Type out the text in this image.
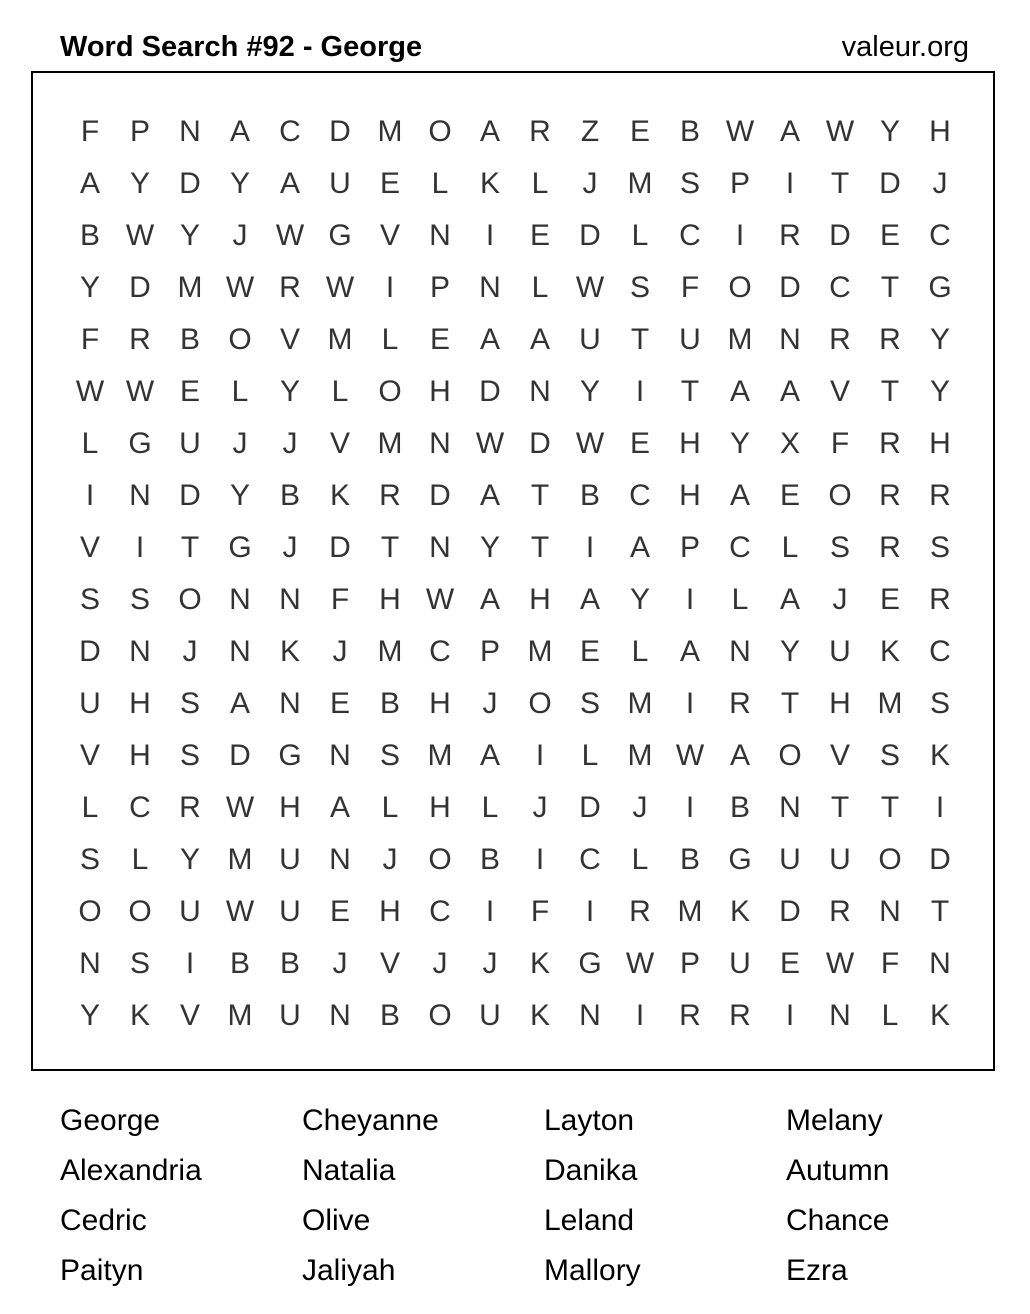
Word Search #92 - George	valeur.org
F	P N A C D M O A R	Z	E B W A W Y H
A Y D Y A U E	L	K	L	J	M S P	I	T	D	J
B W Y	J W G V N	I	E D	L	C	I	R D E C
Y D M W R W	I	P N	L W S	F O D C	T G
F	R B O V M L	E A A U	T	U M N R R Y
W W E	L	Y	L O H D N Y	I	T	A A V	T	Y
L G U	J	J	V M N W D W E H Y X	F	R H
I	N D Y B K R D A	T	B C H A E O R R
V	I	T G	J	D	T	N Y	T	I	A P C	L	S R S
S S O N N	F	H W A H A Y	I	L	A	J	E R
D N	J	N K	J	M C P M E	L	A N Y U K C
U H S A N E B H	J	O S M	I	R	T	H M S
V H S D G N S M A	I	L M W A O V S K
L	C R W H A	L	H	L	J	D	J	I	B N	T	T	I
S	L	Y M U N	J	O B	I	C	L	B G U U O D
O O U W U E H C	I	F	I	R M K D R N	T
N S	I	B B	J	V	J	J	K G W P U E W F	N
Y K V M U N B O U K N	I	R R	I	N	L	K
George	Cheyanne	Layton	Melany
Alexandria	Natalia	Danika	Autumn
Cedric	Olive	Leland	Chance
Paityn	Jaliyah	Mallory	Ezra
